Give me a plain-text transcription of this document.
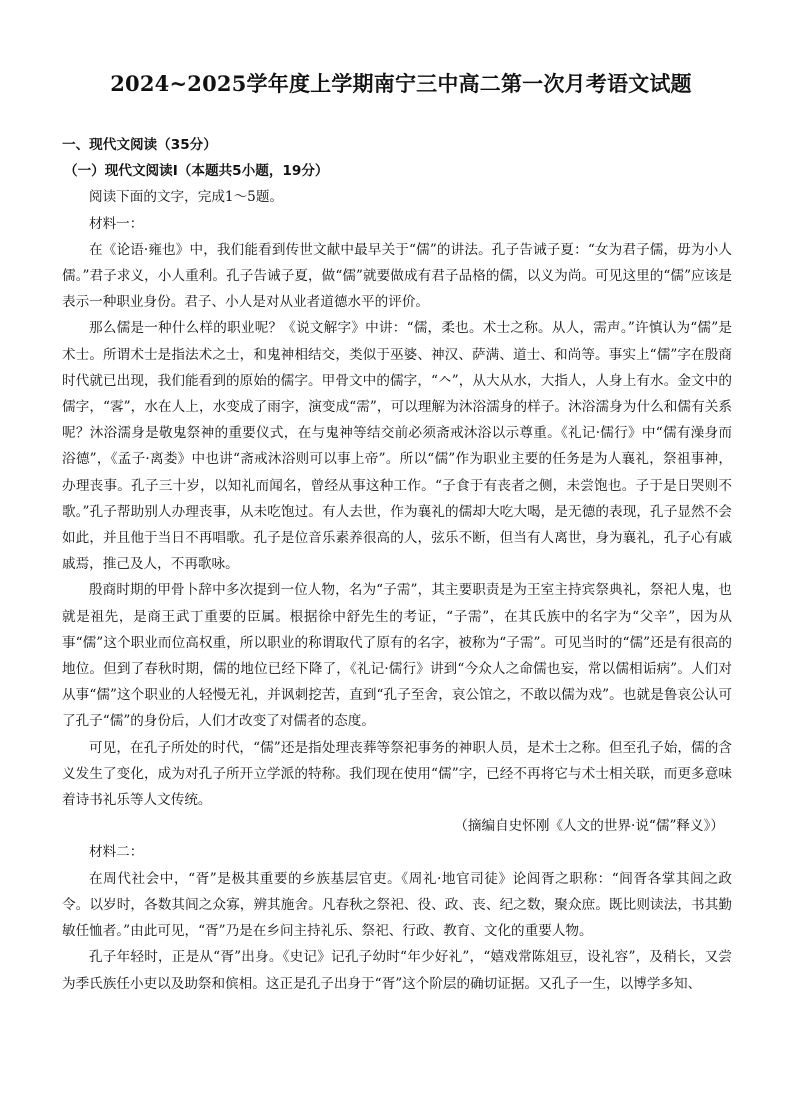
2024~2025学年度上学期南宁三中高二第一次月考语文试题
一、现代文阅读（35分）
（一）现代文阅读Ⅰ（本题共5小题，19分）
阅读下面的文字，完成1～5题。
材料一：

在《论语·雍也》中，我们能看到传世文献中最早关于“儒”的讲法。孔子告诫子夏：“女为君子儒，毋为小人儒。”君子求义，小人重利。孔子告诫子夏，做“儒”就要做成有君子品格的儒，以义为尚。可见这里的“儒”应该是表示一种职业身份。君子、小人是对从业者道德水平的评价。

那么儒是一种什么样的职业呢？《说文解字》中讲：“儒，柔也。术士之称。从人，需声。”许慎认为“儒”是术士。所谓术士是指法术之士，和鬼神相结交，类似于巫婆、神汉、萨满、道士、和尚等。事实上“儒”字在殷商时代就已出现，我们能看到的原始的儒字。甲骨文中的儒字，“𠆢”，从大从水，大指人，人身上有水。金文中的儒字，“𩂣”，水在人上，水变成了雨字，演变成“需”，可以理解为沐浴濡身的样子。沐浴濡身为什么和儒有关系呢？沐浴濡身是敬鬼祭神的重要仪式，在与鬼神等结交前必须斋戒沐浴以示尊重。《礼记·儒行》中“儒有澡身而浴德”，《孟子·离娄》中也讲“斋戒沐浴则可以事上帝”。所以“儒”作为职业主要的任务是为人襄礼，祭祖事神，办理丧事。孔子三十岁，以知礼而闻名，曾经从事这种工作。“子食于有丧者之侧，未尝饱也。子于是日哭则不歌。”孔子帮助别人办理丧事，从未吃饱过。有人去世，作为襄礼的儒却大吃大喝，是无德的表现，孔子显然不会如此，并且他于当日不再唱歌。孔子是位音乐素养很高的人，弦乐不断，但当有人离世，身为襄礼，孔子心有戚戚焉，推己及人，不再歌咏。

殷商时期的甲骨卜辞中多次提到一位人物，名为“子需”，其主要职责是为王室主持宾祭典礼，祭祀人鬼，也就是祖先，是商王武丁重要的臣属。根据徐中舒先生的考证，“子需”，在其氏族中的名字为“父辛”，因为从事“儒”这个职业而位高权重，所以职业的称谓取代了原有的名字，被称为“子需”。可见当时的“儒”还是有很高的地位。但到了春秋时期，儒的地位已经下降了，《礼记·儒行》讲到“今众人之命儒也妄，常以儒相诟病”。人们对从事“儒”这个职业的人轻慢无礼，并讽刺挖苦，直到“孔子至舍，哀公馆之，不敢以儒为戏”。也就是鲁哀公认可了孔子“儒”的身份后，人们才改变了对儒者的态度。

可见，在孔子所处的时代，“儒”还是指处理丧葬等祭祀事务的神职人员，是术士之称。但至孔子始，儒的含义发生了变化，成为对孔子所开立学派的特称。我们现在使用“儒”字，已经不再将它与术士相关联，而更多意味着诗书礼乐等人文传统。

（摘编自史怀刚《人文的世界·说“儒”释义》）
材料二：

在周代社会中，“胥”是极其重要的乡族基层官吏。《周礼·地官司徒》论闾胥之职称：“闾胥各掌其闾之政令。以岁时，各数其闾之众寡，辨其施舍。凡春秋之祭祀、役、政、丧、纪之数，聚众庶。既比则读法，书其勤敏任恤者。”由此可见，“胥”乃是在乡问主持礼乐、祭祀、行政、教育、文化的重要人物。

孔子年轻时，正是从“胥”出身。《史记》记孔子幼时“年少好礼”，“嬉戏常陈俎豆，设礼容”，及稍长，又尝为季氏族任小吏以及助祭和傧相。这正是孔子出身于“胥”这个阶层的确切证据。又孔子一生，以博学多知、
